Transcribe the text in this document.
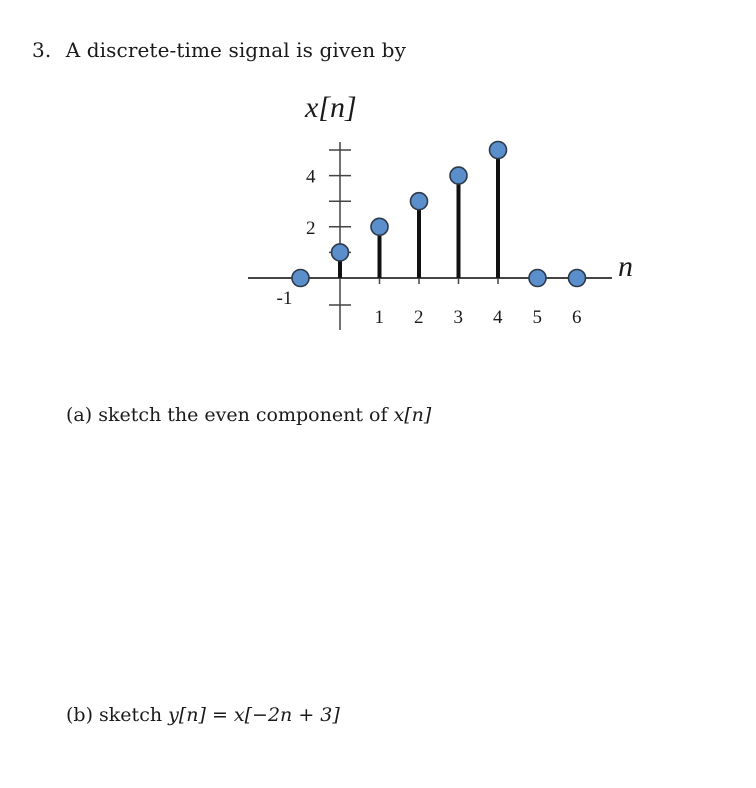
3. A discrete-time signal is given by
2
4
-1
1 2 3 4 5 6
x[n]
n
(a) sketch the even component of x[n]
(b) sketch y[n] = x[−2n + 3]
